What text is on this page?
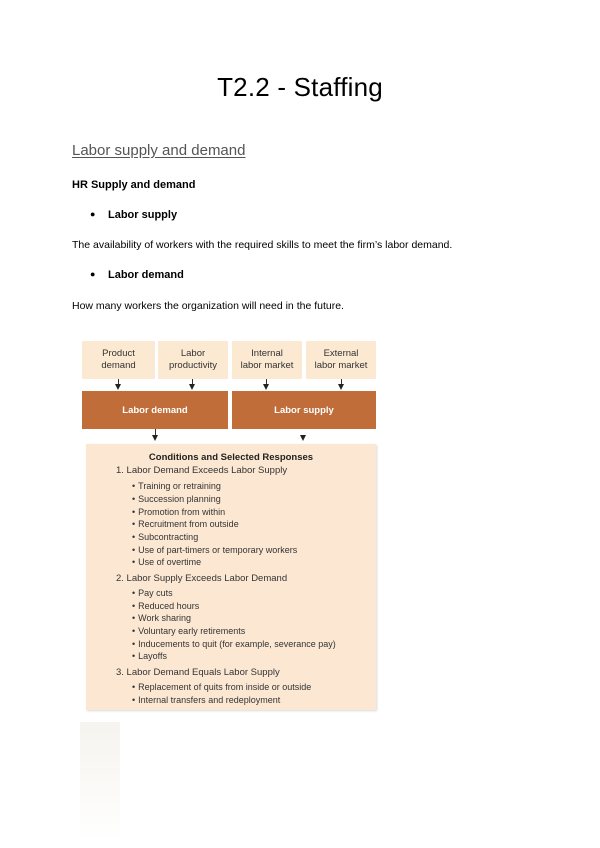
T2.2 - Staffing
Labor supply and demand
HR Supply and demand
● Labor supply
The availability of workers with the required skills to meet the firm’s labor demand.
● Labor demand
How many workers the organization will need in the future.
Product
demand
Labor
productivity
Internal
labor market
External
labor market
Labor demand	Labor supply
Conditions and Selected Responses
1. Labor Demand Exceeds Labor Supply
• Training or retraining
• Succession planning
• Promotion from within
• Recruitment from outside
• Subcontracting
• Use of part-timers or temporary workers
• Use of overtime
2. Labor Supply Exceeds Labor Demand
• Pay cuts
• Reduced hours
• Work sharing
• Voluntary early retirements
• Inducements to quit (for example, severance pay)
• Layoffs
3. Labor Demand Equals Labor Supply
• Replacement of quits from inside or outside
• Internal transfers and redeployment
